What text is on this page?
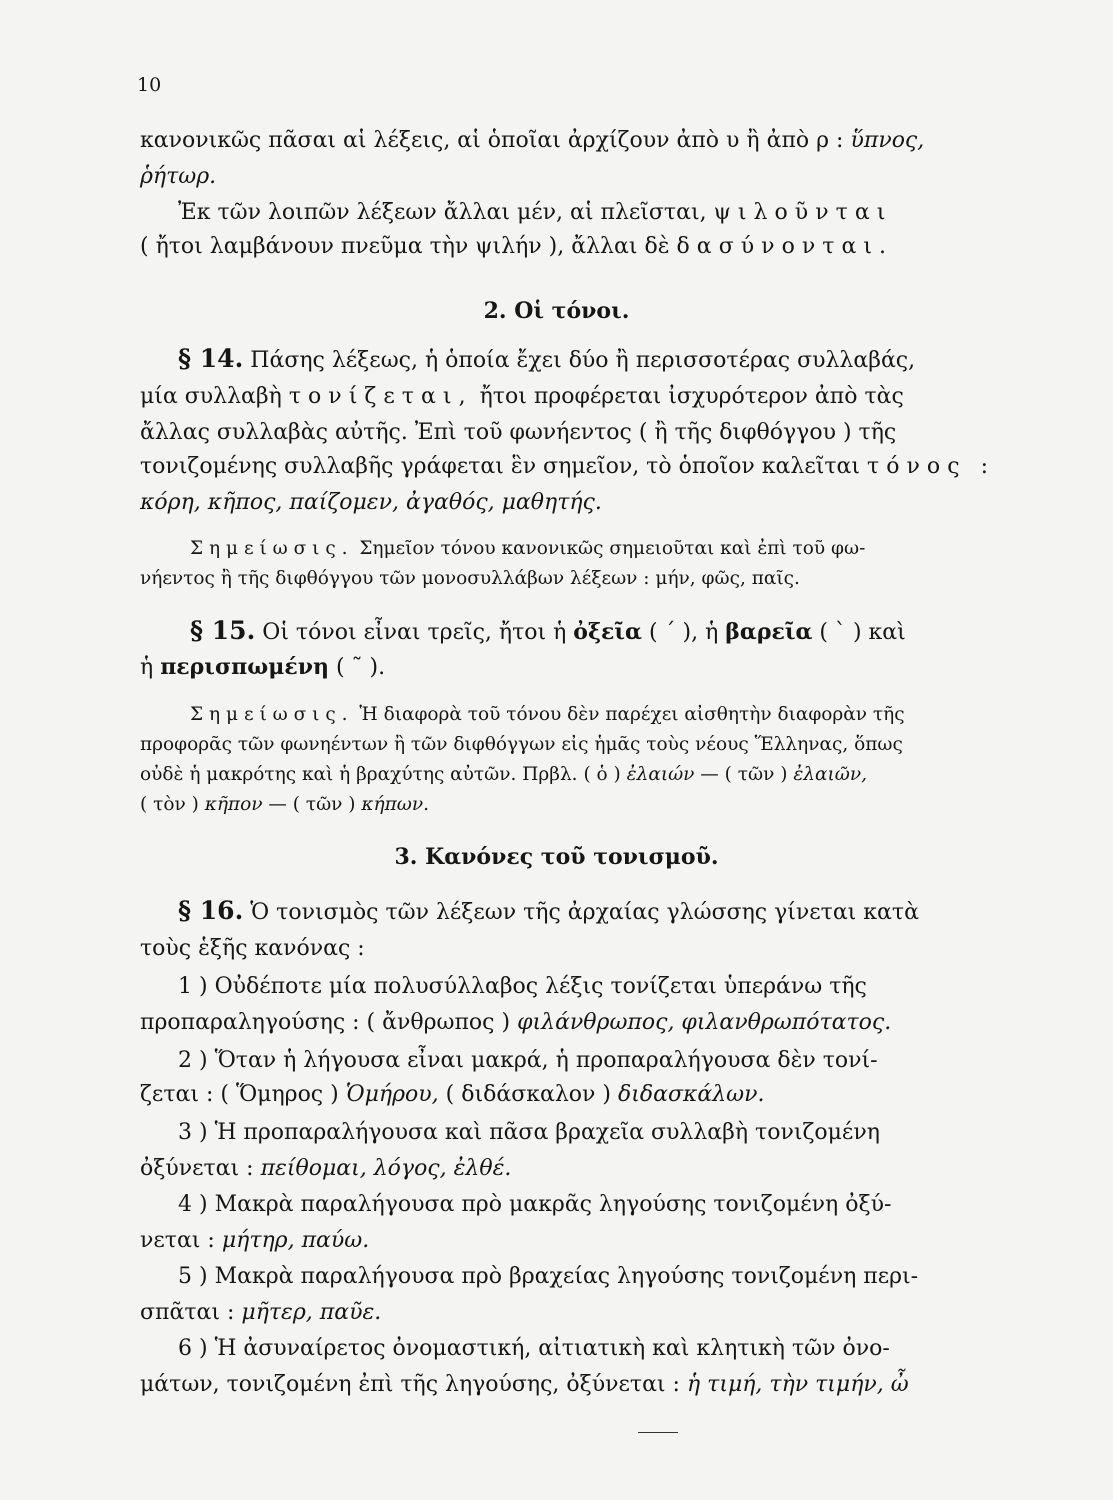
10
κανονικῶς πᾶσαι αἱ λέξεις, αἱ ὁποῖαι ἀρχίζουν ἀπὸ υ ἢ ἀπὸ ρ : ὕπνος,
ῥήτωρ.
Ἐκ τῶν λοιπῶν λέξεων ἄλλαι μέν, αἱ πλεῖσται, ψιλοῦνται
( ἤτοι λαμβάνουν πνεῦμα τὴν ψιλήν ), ἄλλαι δὲ δασύνονται.
2. Οἱ τόνοι.
§ 14. Πάσης λέξεως, ἡ ὁποία ἔχει δύο ἢ περισσοτέρας συλλαβάς,
μία συλλαβὴ τονίζεται, ἤτοι προφέρεται ἰσχυρότερον ἀπὸ τὰς
ἄλλας συλλαβὰς αὐτῆς. Ἐπὶ τοῦ φωνήεντος ( ἢ τῆς διφθόγγου ) τῆς
τονιζομένης συλλαβῆς γράφεται ἓν σημεῖον, τὸ ὁποῖον καλεῖται τόνος :
κόρη, κῆπος, παίζομεν, ἀγαθός, μαθητής.
Σημείωσις. Σημεῖον τόνου κανονικῶς σημειοῦται καὶ ἐπὶ τοῦ φω-
νήεντος ἢ τῆς διφθόγγου τῶν μονοσυλλάβων λέξεων : μήν, φῶς, παῖς.
§ 15. Οἱ τόνοι εἶναι τρεῖς, ἤτοι ἡ ὀξεῖα ( ´ ), ἡ βαρεῖα ( ` ) καὶ
ἡ περισπωμένη ( ˜ ).
Σημείωσις. Ἡ διαφορὰ τοῦ τόνου δὲν παρέχει αἰσθητὴν διαφορὰν τῆς
προφορᾶς τῶν φωνηέντων ἢ τῶν διφθόγγων εἰς ἡμᾶς τοὺς νέους Ἕλληνας, ὅπως
οὐδὲ ἡ μακρότης καὶ ἡ βραχύτης αὐτῶν. Πρβλ. ( ὁ ) ἐλαιών — ( τῶν ) ἐλαιῶν,
( τὸν ) κῆπον — ( τῶν ) κήπων.
3. Κανόνες τοῦ τονισμοῦ.
§ 16. Ὁ τονισμὸς τῶν λέξεων τῆς ἀρχαίας γλώσσης γίνεται κατὰ
τοὺς ἑξῆς κανόνας :
1 ) Οὐδέποτε μία πολυσύλλαβος λέξις τονίζεται ὑπεράνω τῆς
προπαραληγούσης : ( ἄνθρωπος ) φιλάνθρωπος, φιλανθρωπότατος.
2 ) Ὅταν ἡ λήγουσα εἶναι μακρά, ἡ προπαραλήγουσα δὲν τονί-
ζεται : ( Ὅμηρος ) Ὁμήρου, ( διδάσκαλον ) διδασκάλων.
3 ) Ἡ προπαραλήγουσα καὶ πᾶσα βραχεῖα συλλαβὴ τονιζομένη
ὀξύνεται : πείθομαι, λόγος, ἐλθέ.
4 ) Μακρὰ παραλήγουσα πρὸ μακρᾶς ληγούσης τονιζομένη ὀξύ-
νεται : μήτηρ, παύω.
5 ) Μακρὰ παραλήγουσα πρὸ βραχείας ληγούσης τονιζομένη περι-
σπᾶται : μῆτερ, παῦε.
6 ) Ἡ ἀσυναίρετος ὀνομαστική, αἰτιατικὴ καὶ κλητικὴ τῶν ὀνο-
μάτων, τονιζομένη ἐπὶ τῆς ληγούσης, ὀξύνεται : ἡ τιμή, τὴν τιμήν, ὦ
